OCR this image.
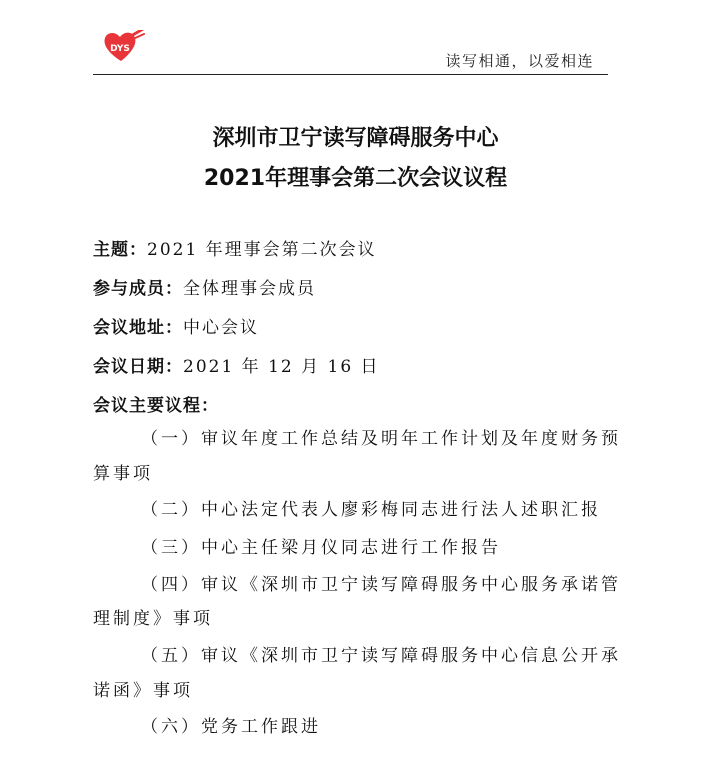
DYS
读写相通，以爱相连
深圳市卫宁读写障碍服务中心
2021年理事会第二次会议议程
主题：2021 年理事会第二次会议
参与成员：全体理事会成员
会议地址：中心会议
会议日期：2021 年 12 月 16 日
会议主要议程：
（一）审议年度工作总结及明年工作计划及年度财务预
算事项
（二）中心法定代表人廖彩梅同志进行法人述职汇报
（三）中心主任梁月仪同志进行工作报告
（四）审议《深圳市卫宁读写障碍服务中心服务承诺管
理制度》事项
（五）审议《深圳市卫宁读写障碍服务中心信息公开承
诺函》事项
（六）党务工作跟进
